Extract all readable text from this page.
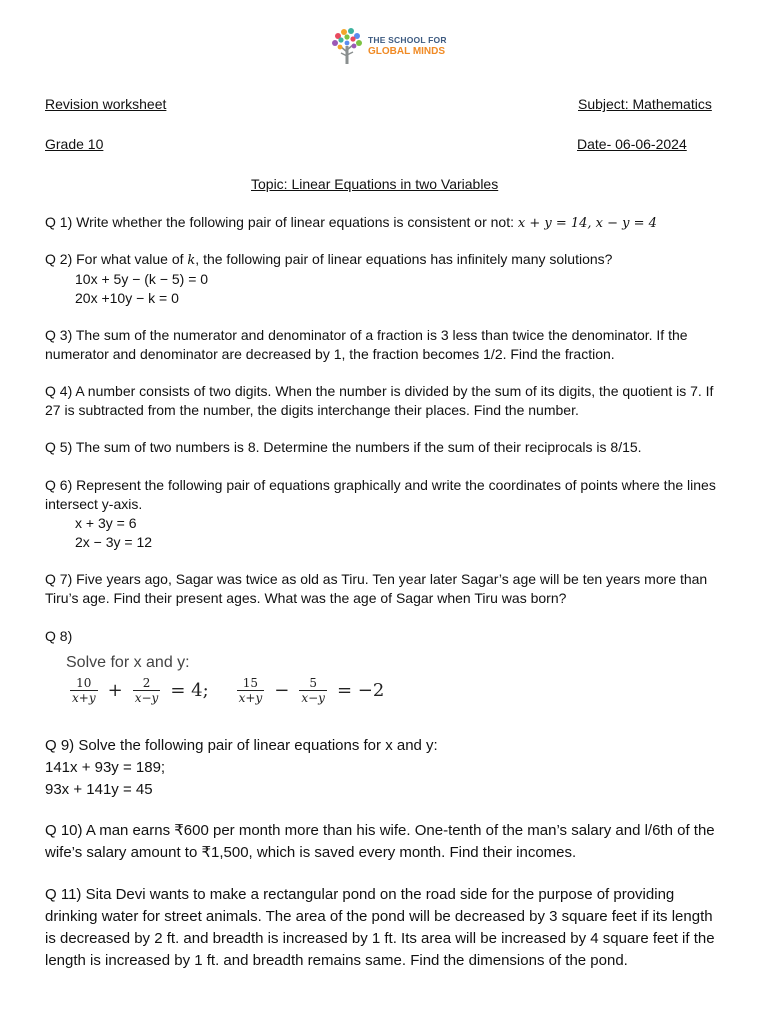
THE SCHOOL FOR
GLOBAL MINDS
Revision worksheet	Subject: Mathematics
Grade 10	Date- 06-06-2024
Topic: Linear Equations in two Variables

Q 1) Write whether the following pair of linear equations is consistent or not: x + y = 14, x − y = 4

Q 2) For what value of k, the following pair of linear equations has infinitely many solutions?

10x + 5y − (k − 5) = 0

20x +10y − k = 0

Q 3) The sum of the numerator and denominator of a fraction is 3 less than twice the denominator. If the numerator and denominator are decreased by 1, the fraction becomes 1/2. Find the fraction.

Q 4) A number consists of two digits. When the number is divided by the sum of its digits, the quotient is 7. If 27 is subtracted from the number, the digits interchange their places. Find the number.

Q 5) The sum of two numbers is 8. Determine the numbers if the sum of their reciprocals is 8/15.

Q 6) Represent the following pair of equations graphically and write the coordinates of points where the lines intersect y-axis.

x + 3y = 6

2x − 3y = 12

Q 7) Five years ago, Sagar was twice as old as Tiru. Ten year later Sagar’s age will be ten years more than Tiru’s age. Find their present ages. What was the age of Sagar when Tiru was born?

Q 8)

Solve for x and y:
$\frac{10}{x+y} + \frac{2}{x-y} = 4$; $\frac{15}{x+y} - \frac{5}{x-y} = -2$

Q 9) Solve the following pair of linear equations for x and y:

141x + 93y = 189;

93x + 141y = 45

Q 10) A man earns ₹600 per month more than his wife. One-tenth of the man’s salary and l/6th of the wife’s salary amount to ₹1,500, which is saved every month. Find their incomes.

Q 11) Sita Devi wants to make a rectangular pond on the road side for the purpose of providing drinking water for street animals. The area of the pond will be decreased by 3 square feet if its length is decreased by 2 ft. and breadth is increased by 1 ft. Its area will be increased by 4 square feet if the length is increased by 1 ft. and breadth remains same. Find the dimensions of the pond.
